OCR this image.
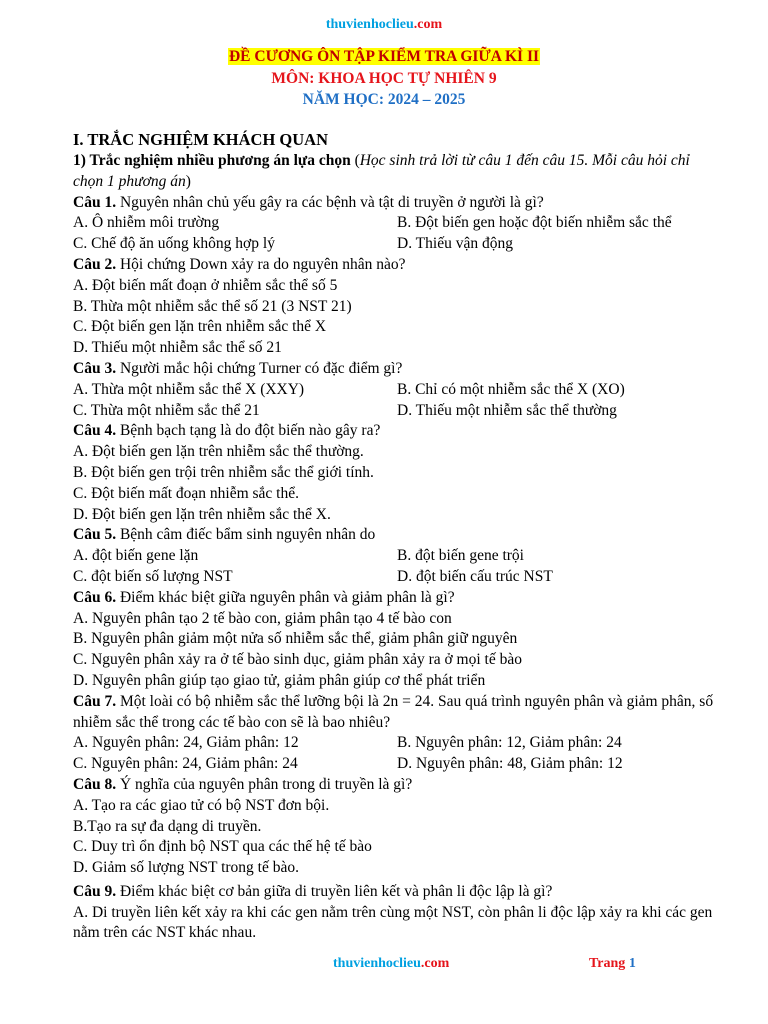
thuvienhoclieu.com
ĐỀ CƯƠNG ÔN TẬP KIỂM TRA GIỮA KÌ II
MÔN: KHOA HỌC TỰ NHIÊN 9
NĂM HỌC: 2024 – 2025
I. TRẮC NGHIỆM KHÁCH QUAN
1) Trắc nghiệm nhiều phương án lựa chọn (Học sinh trả lời từ câu 1 đến câu 15. Mỗi câu hỏi chỉ chọn 1 phương án)
Câu 1. Nguyên nhân chủ yếu gây ra các bệnh và tật di truyền ở người là gì?
A. Ô nhiễm môi trường	B. Đột biến gen hoặc đột biến nhiễm sắc thể
C. Chế độ ăn uống không hợp lý	D. Thiếu vận động
Câu 2. Hội chứng Down xảy ra do nguyên nhân nào?
A. Đột biến mất đoạn ở nhiễm sắc thể số 5
B. Thừa một nhiễm sắc thể số 21 (3 NST 21)
C. Đột biến gen lặn trên nhiễm sắc thể X
D. Thiếu một nhiễm sắc thể số 21
Câu 3. Người mắc hội chứng Turner có đặc điểm gì?
A. Thừa một nhiễm sắc thể X (XXY)	B. Chỉ có một nhiễm sắc thể X (XO)
C. Thừa một nhiễm sắc thể 21	D. Thiếu một nhiễm sắc thể thường
Câu 4. Bệnh bạch tạng là do đột biến nào gây ra?
A. Đột biến gen lặn trên nhiễm sắc thể thường.
B. Đột biến gen trội trên nhiễm sắc thể giới tính.
C. Đột biến mất đoạn nhiễm sắc thể.
D. Đột biến gen lặn trên nhiễm sắc thể X.
Câu 5. Bệnh câm điếc bẩm sinh nguyên nhân do
A. đột biến gene lặn	B. đột biến gene trội
C. đột biến số lượng NST	D. đột biến cấu trúc NST
Câu 6. Điểm khác biệt giữa nguyên phân và giảm phân là gì?
A. Nguyên phân tạo 2 tế bào con, giảm phân tạo 4 tế bào con
B. Nguyên phân giảm một nửa số nhiễm sắc thể, giảm phân giữ nguyên
C. Nguyên phân xảy ra ở tế bào sinh dục, giảm phân xảy ra ở mọi tế bào
D. Nguyên phân giúp tạo giao tử, giảm phân giúp cơ thể phát triển
Câu 7. Một loài có bộ nhiễm sắc thể lưỡng bội là 2n = 24. Sau quá trình nguyên phân và giảm phân, số nhiễm sắc thể trong các tế bào con sẽ là bao nhiêu?
A. Nguyên phân: 24, Giảm phân: 12	B. Nguyên phân: 12, Giảm phân: 24
C. Nguyên phân: 24, Giảm phân: 24	D. Nguyên phân: 48, Giảm phân: 12
Câu 8. Ý nghĩa của nguyên phân trong di truyền là gì?
A. Tạo ra các giao tử có bộ NST đơn bội.
B.Tạo ra sự đa dạng di truyền.
C. Duy trì ổn định bộ NST qua các thế hệ tế bào
D. Giảm số lượng NST trong tế bào.
Câu 9. Điểm khác biệt cơ bản giữa di truyền liên kết và phân li độc lập là gì?
A. Di truyền liên kết xảy ra khi các gen nằm trên cùng một NST, còn phân li độc lập xảy ra khi các gen nằm trên các NST khác nhau.
thuvienhoclieu.com	Trang 1
